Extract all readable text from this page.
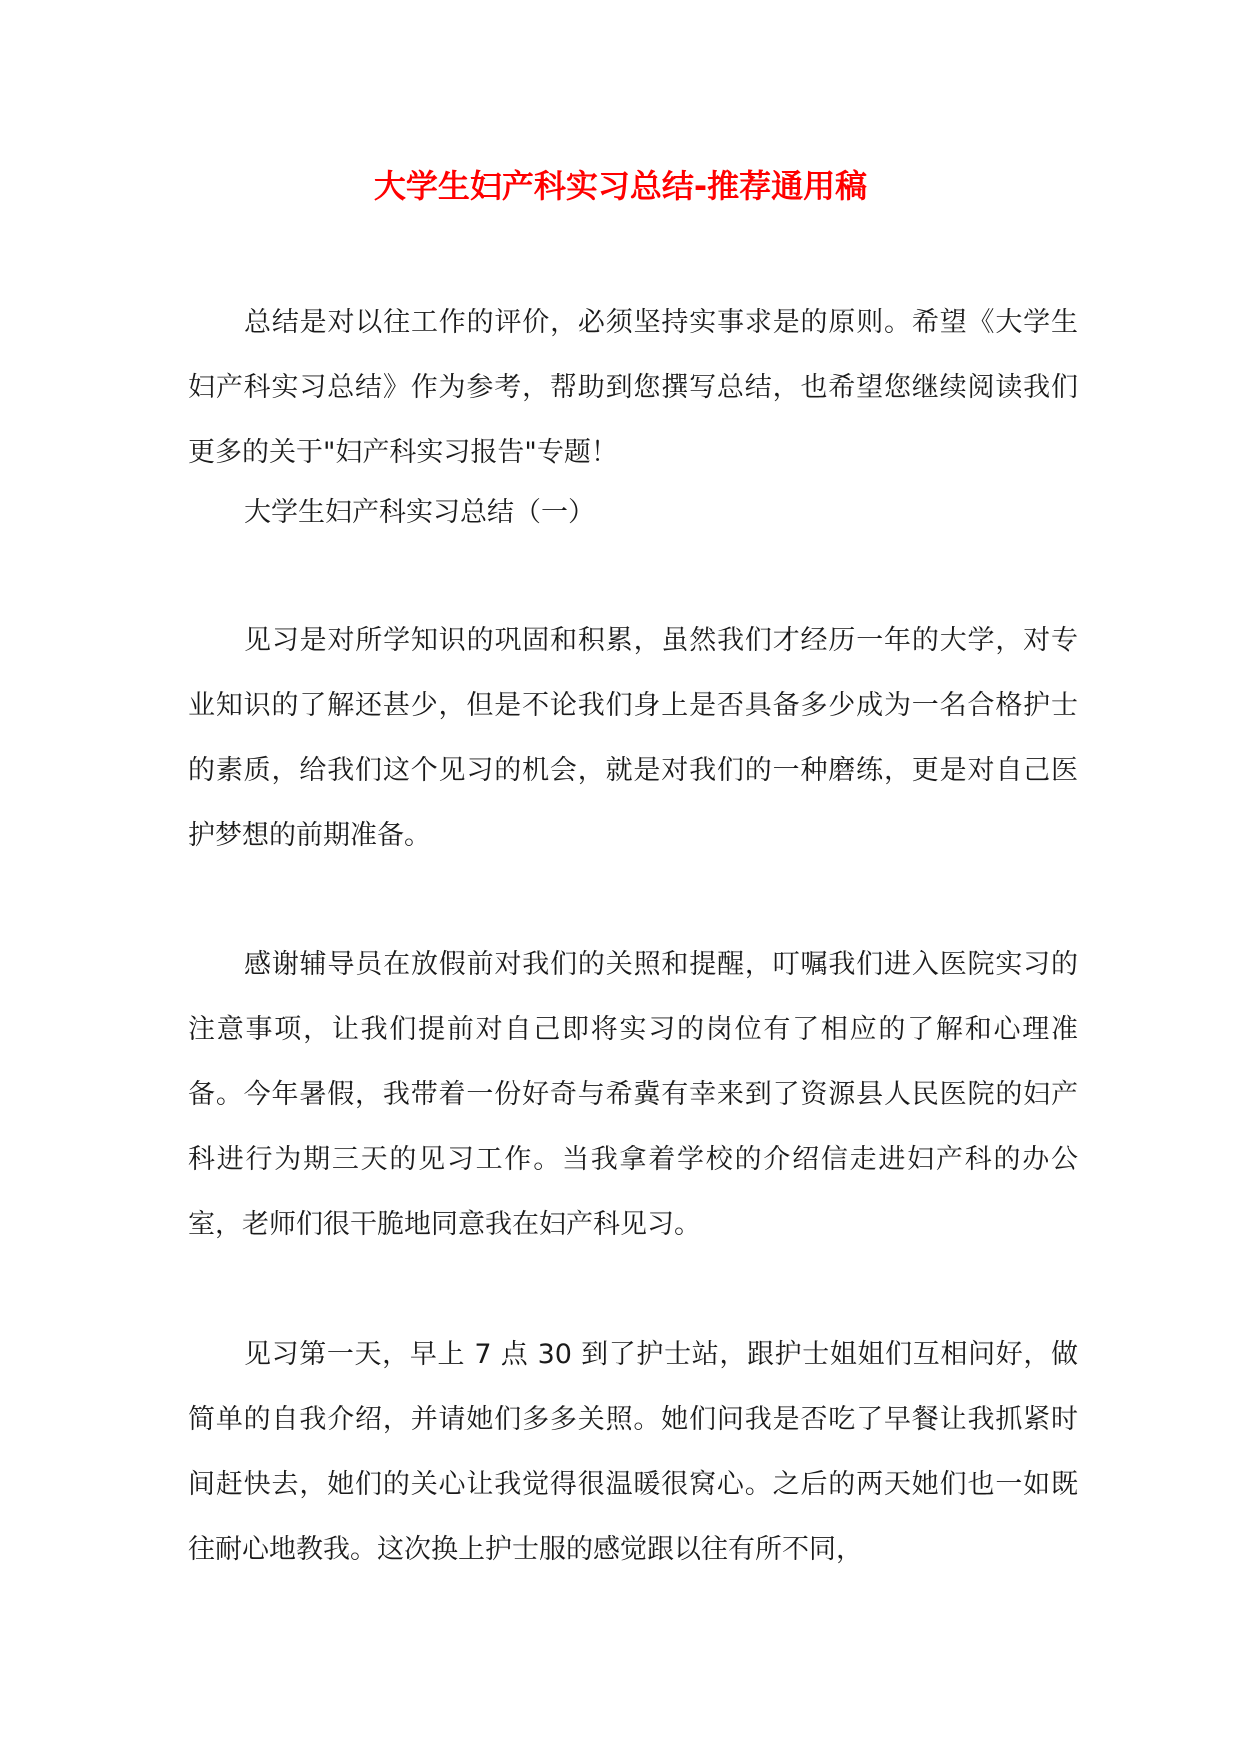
大学生妇产科实习总结-推荐通用稿

总结是对以往工作的评价，必须坚持实事求是的原则。希望《大学生妇产科实习总结》作为参考，帮助到您撰写总结，也希望您继续阅读我们更多的关于"妇产科实习报告"专题！

大学生妇产科实习总结（一）

见习是对所学知识的巩固和积累，虽然我们才经历一年的大学，对专业知识的了解还甚少，但是不论我们身上是否具备多少成为一名合格护士的素质，给我们这个见习的机会，就是对我们的一种磨练，更是对自己医护梦想的前期准备。

感谢辅导员在放假前对我们的关照和提醒，叮嘱我们进入医院实习的注意事项，让我们提前对自己即将实习的岗位有了相应的了解和心理准备。今年暑假，我带着一份好奇与希冀有幸来到了资源县人民医院的妇产科进行为期三天的见习工作。当我拿着学校的介绍信走进妇产科的办公室，老师们很干脆地同意我在妇产科见习。

见习第一天，早上 7 点 30 到了护士站，跟护士姐姐们互相问好，做简单的自我介绍，并请她们多多关照。她们问我是否吃了早餐让我抓紧时间赶快去，她们的关心让我觉得很温暖很窝心。之后的两天她们也一如既往耐心地教我。这次换上护士服的感觉跟以往有所不同，
